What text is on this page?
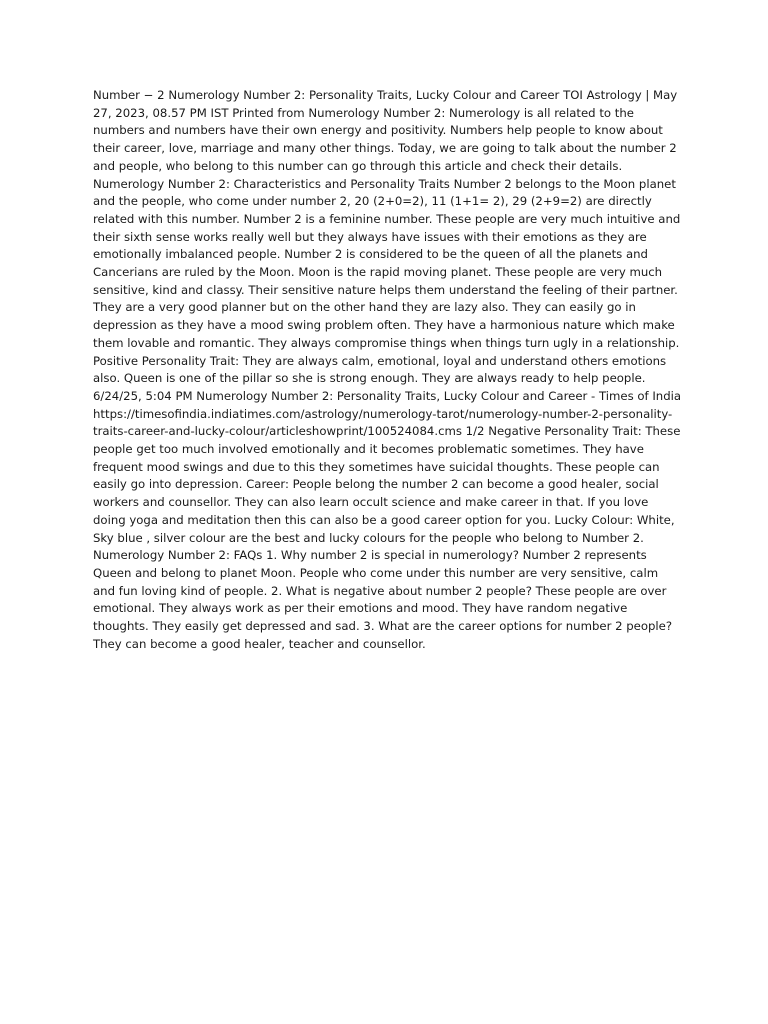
Number − 2 Numerology Number 2: Personality Traits, Lucky Colour and Career TOI Astrology | May 27, 2023, 08.57 PM IST Printed from Numerology Number 2: Numerology is all related to the numbers and numbers have their own energy and positivity. Numbers help people to know about their career, love, marriage and many other things. Today, we are going to talk about the number 2 and people, who belong to this number can go through this article and check their details. Numerology Number 2: Characteristics and Personality Traits Number 2 belongs to the Moon planet and the people, who come under number 2, 20 (2+0=2), 11 (1+1= 2), 29 (2+9=2) are directly related with this number. Number 2 is a feminine number. These people are very much intuitive and their sixth sense works really well but they always have issues with their emotions as they are emotionally imbalanced people. Number 2 is considered to be the queen of all the planets and Cancerians are ruled by the Moon. Moon is the rapid moving planet. These people are very much sensitive, kind and classy. Their sensitive nature helps them understand the feeling of their partner. They are a very good planner but on the other hand they are lazy also. They can easily go in depression as they have a mood swing problem often. They have a harmonious nature which make them lovable and romantic. They always compromise things when things turn ugly in a relationship. Positive Personality Trait: They are always calm, emotional, loyal and understand others emotions also. Queen is one of the pillar so she is strong enough. They are always ready to help people. 6/24/25, 5:04 PM Numerology Number 2: Personality Traits, Lucky Colour and Career - Times of India https://timesofindia.indiatimes.com/astrology/numerology-tarot/numerology-number-2-personality-traits-career-and-lucky-colour/articleshowprint/100524084.cms 1/2 Negative Personality Trait: These people get too much involved emotionally and it becomes problematic sometimes. They have frequent mood swings and due to this they sometimes have suicidal thoughts. These people can easily go into depression. Career: People belong the number 2 can become a good healer, social workers and counsellor. They can also learn occult science and make career in that. If you love doing yoga and meditation then this can also be a good career option for you. Lucky Colour: White, Sky blue , silver colour are the best and lucky colours for the people who belong to Number 2. Numerology Number 2: FAQs 1. Why number 2 is special in numerology? Number 2 represents Queen and belong to planet Moon. People who come under this number are very sensitive, calm and fun loving kind of people. 2. What is negative about number 2 people? These people are over emotional. They always work as per their emotions and mood. They have random negative thoughts. They easily get depressed and sad. 3. What are the career options for number 2 people? They can become a good healer, teacher and counsellor.
